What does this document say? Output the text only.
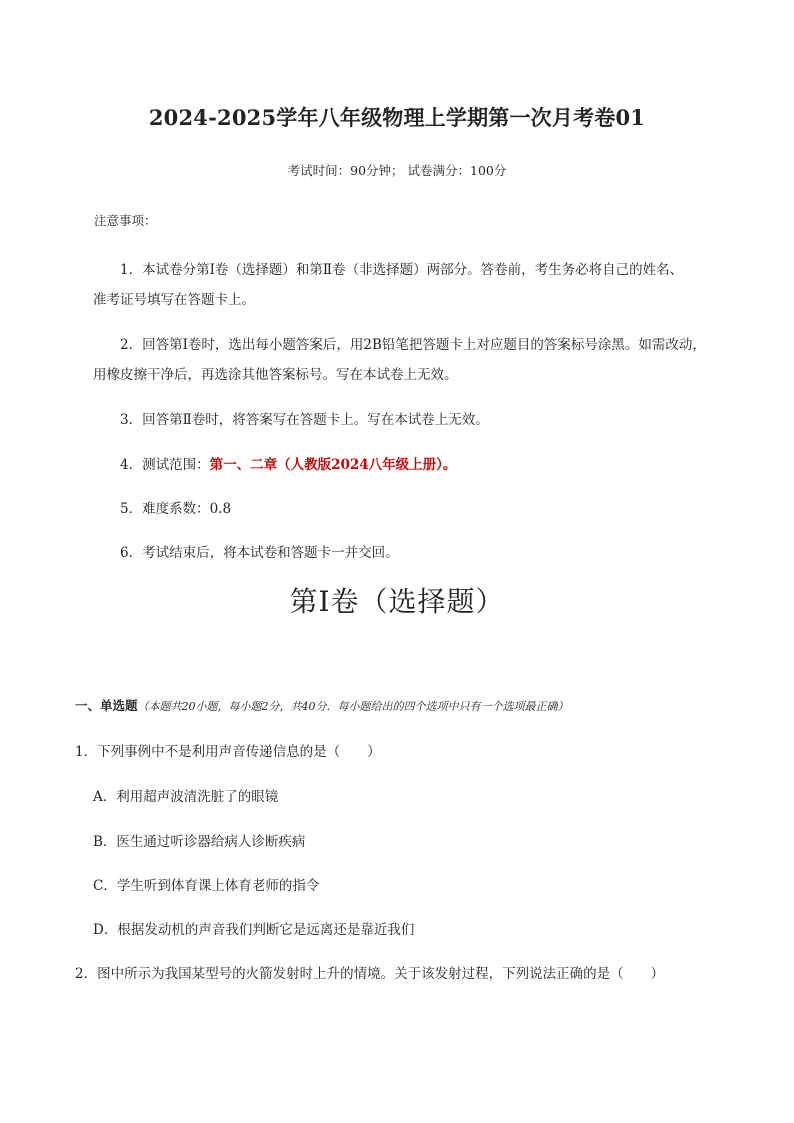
2024-2025学年八年级物理上学期第一次月考卷01
考试时间：90分钟； 试卷满分：100分
注意事项：
1．本试卷分第Ⅰ卷（选择题）和第Ⅱ卷（非选择题）两部分。答卷前，考生务必将自己的姓名、
准考证号填写在答题卡上。
2．回答第Ⅰ卷时，选出每小题答案后，用2B铅笔把答题卡上对应题目的答案标号涂黑。如需改动，
用橡皮擦干净后，再选涂其他答案标号。写在本试卷上无效。
3．回答第Ⅱ卷时，将答案写在答题卡上。写在本试卷上无效。
4．测试范围：第一、二章（人教版2024八年级上册）。
5．难度系数：0.8
6．考试结束后，将本试卷和答题卡一并交回。
第Ⅰ卷（选择题）
一、单选题（本题共20小题，每小题2分，共40分．每小题给出的四个选项中只有一个选项最正确）
1．下列事例中不是利用声音传递信息的是（　　）
A．利用超声波清洗脏了的眼镜
B．医生通过听诊器给病人诊断疾病
C．学生听到体育课上体育老师的指令
D．根据发动机的声音我们判断它是远离还是靠近我们
2．图中所示为我国某型号的火箭发射时上升的情境。关于该发射过程，下列说法正确的是（　　）
